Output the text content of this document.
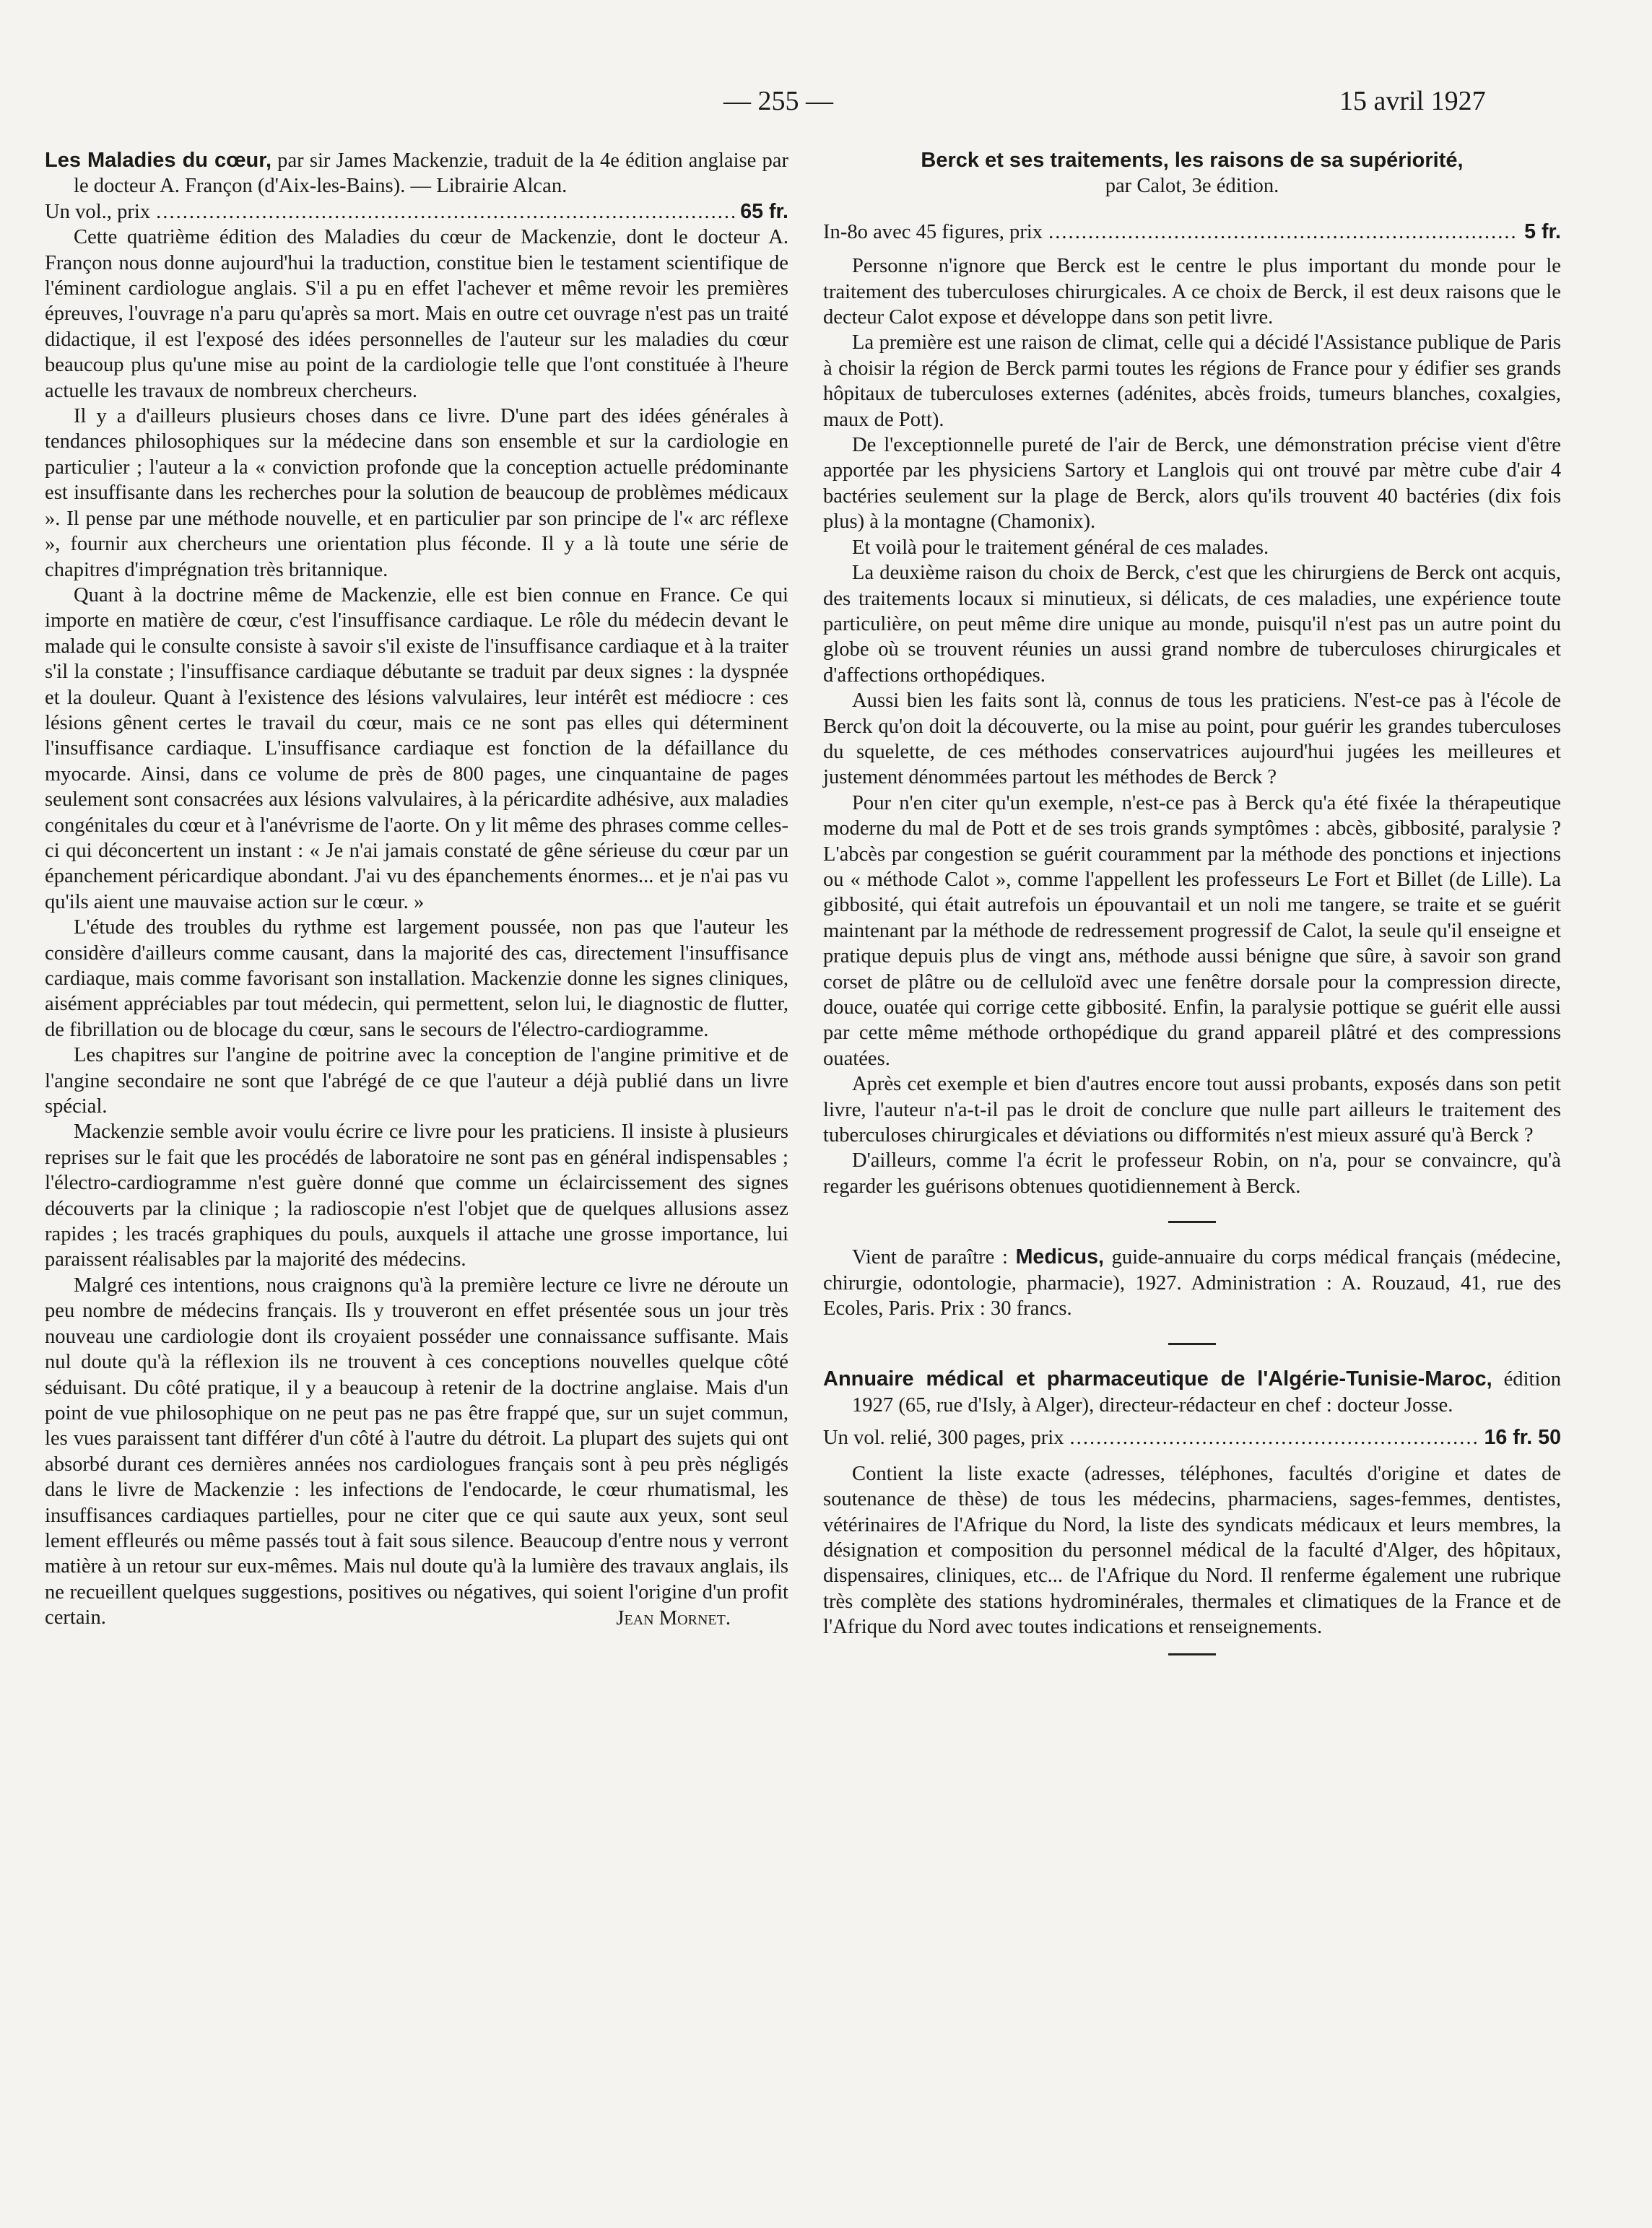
— 255 —	15 avril 1927

Les Maladies du cœur, par sir James Mackenzie, traduit de la 4e édition anglaise par le docteur A. Françon (d'Aix-les-Bains). — Librairie Alcan.

Un vol., prix .....	65 fr.

Cette quatrième édition des Maladies du cœur de Mackenzie, dont le docteur A. Françon nous donne aujourd'hui la traduction, constitue bien le testament scientifique de l'éminent cardiologue anglais. S'il a pu en effet l'achever et même revoir les premières épreuves, l'ouvrage n'a paru qu'après sa mort. Mais en outre cet ouvrage n'est pas un traité didactique, il est l'exposé des idées personnelles de l'auteur sur les maladies du cœur beaucoup plus qu'une mise au point de la cardiologie telle que l'ont constituée à l'heure actuelle les travaux de nombreux chercheurs.

Il y a d'ailleurs plusieurs choses dans ce livre. D'une part des idées générales à tendances philosophiques sur la médecine dans son ensemble et sur la cardiologie en particulier ; l'auteur a la « conviction profonde que la conception actuelle prédominante est insuffisante dans les recherches pour la solution de beaucoup de problèmes médicaux ». Il pense par une méthode nouvelle, et en particulier par son principe de l'« arc réflexe », fournir aux chercheurs une orientation plus féconde. Il y a là toute une série de chapitres d'imprégnation très britannique.

Quant à la doctrine même de Mackenzie, elle est bien connue en France. Ce qui importe en matière de cœur, c'est l'insuffisance cardiaque. Le rôle du médecin devant le malade qui le consulte consiste à savoir s'il existe de l'insuffisance cardiaque et à la traiter s'il la constate ; l'insuffisance cardiaque débutante se traduit par deux signes : la dyspnée et la douleur. Quant à l'existence des lésions valvulaires, leur intérêt est médiocre : ces lésions gênent certes le travail du cœur, mais ce ne sont pas elles qui déterminent l'insuffisance cardiaque. L'insuffisance cardiaque est fonction de la défaillance du myocarde. Ainsi, dans ce volume de près de 800 pages, une cinquantaine de pages seulement sont consacrées aux lésions valvulaires, à la péricardite adhésive, aux maladies congénitales du cœur et à l'anévrisme de l'aorte. On y lit même des phrases comme celles-ci qui déconcertent un instant : « Je n'ai jamais constaté de gêne sérieuse du cœur par un épanchement péricardique abondant. J'ai vu des épanchements énormes... et je n'ai pas vu qu'ils aient une mauvaise action sur le cœur. »

L'étude des troubles du rythme est largement poussée, non pas que l'auteur les considère d'ailleurs comme causant, dans la majorité des cas, directement l'insuffisance cardiaque, mais comme favorisant son installation. Mackenzie donne les signes cliniques, aisément appréciables par tout médecin, qui permettent, selon lui, le diagnostic de flutter, de fibrillation ou de blocage du cœur, sans le secours de l'électro-cardiogramme.

Les chapitres sur l'angine de poitrine avec la conception de l'angine primitive et de l'angine secondaire ne sont que l'abrégé de ce que l'auteur a déjà publié dans un livre spécial.

Mackenzie semble avoir voulu écrire ce livre pour les praticiens. Il insiste à plusieurs reprises sur le fait que les procédés de laboratoire ne sont pas en général indispensables ; l'électro-cardiogramme n'est guère donné que comme un éclaircissement des signes découverts par la clinique ; la radioscopie n'est l'objet que de quelques allusions assez rapides ; les tracés graphiques du pouls, auxquels il attache une grosse importance, lui paraissent réalisables par la majorité des médecins.

Malgré ces intentions, nous craignons qu'à la première lecture ce livre ne déroute un peu nombre de médecins français. Ils y trouveront en effet présentée sous un jour très nouveau une cardiologie dont ils croyaient posséder une connaissance suffisante. Mais nul doute qu'à la réflexion ils ne trouvent à ces conceptions nouvelles quelque côté séduisant. Du côté pratique, il y a beaucoup à retenir de la doctrine anglaise. Mais d'un point de vue philosophique on ne peut pas ne pas être frappé que, sur un sujet commun, les vues paraissent tant différer d'un côté à l'autre du détroit. La plupart des sujets qui ont absorbé durant ces dernières années nos cardiologues français sont à peu près négligés dans le livre de Mackenzie : les infections de l'endocarde, le cœur rhumatismal, les insuffisances cardiaques partielles, pour ne citer que ce qui saute aux yeux, sont seul lement effleurés ou même passés tout à fait sous silence. Beaucoup d'entre nous y verront matière à un retour sur eux-mêmes. Mais nul doute qu'à la lumière des travaux anglais, ils ne recueillent quelques suggestions, positives ou négatives, qui soient l'origine d'un profit certain.	Jean Mornet.

Berck et ses traitements, les raisons de sa supériorité,
par Calot, 3e édition.

In-8o avec 45 figures, prix .....	5 fr.

Personne n'ignore que Berck est le centre le plus important du monde pour le traitement des tuberculoses chirurgicales. A ce choix de Berck, il est deux raisons que le decteur Calot expose et développe dans son petit livre.

La première est une raison de climat, celle qui a décidé l'Assistance publique de Paris à choisir la région de Berck parmi toutes les régions de France pour y édifier ses grands hôpitaux de tuberculoses externes (adénites, abcès froids, tumeurs blanches, coxalgies, maux de Pott).

De l'exceptionnelle pureté de l'air de Berck, une démonstration précise vient d'être apportée par les physiciens Sartory et Langlois qui ont trouvé par mètre cube d'air 4 bactéries seulement sur la plage de Berck, alors qu'ils trouvent 40 bactéries (dix fois plus) à la montagne (Chamonix).

Et voilà pour le traitement général de ces malades.

La deuxième raison du choix de Berck, c'est que les chirurgiens de Berck ont acquis, des traitements locaux si minutieux, si délicats, de ces maladies, une expérience toute particulière, on peut même dire unique au monde, puisqu'il n'est pas un autre point du globe où se trouvent réunies un aussi grand nombre de tuberculoses chirurgicales et d'affections orthopédiques.

Aussi bien les faits sont là, connus de tous les praticiens. N'est-ce pas à l'école de Berck qu'on doit la découverte, ou la mise au point, pour guérir les grandes tuberculoses du squelette, de ces méthodes conservatrices aujourd'hui jugées les meilleures et justement dénommées partout les méthodes de Berck ?

Pour n'en citer qu'un exemple, n'est-ce pas à Berck qu'a été fixée la thérapeutique moderne du mal de Pott et de ses trois grands symptômes : abcès, gibbosité, paralysie ? L'abcès par congestion se guérit couramment par la méthode des ponctions et injections ou « méthode Calot », comme l'appellent les professeurs Le Fort et Billet (de Lille). La gibbosité, qui était autrefois un épouvantail et un noli me tangere, se traite et se guérit maintenant par la méthode de redressement progressif de Calot, la seule qu'il enseigne et pratique depuis plus de vingt ans, méthode aussi bénigne que sûre, à savoir son grand corset de plâtre ou de celluloïd avec une fenêtre dorsale pour la compression directe, douce, ouatée qui corrige cette gibbosité. Enfin, la paralysie pottique se guérit elle aussi par cette même méthode orthopédique du grand appareil plâtré et des compressions ouatées.

Après cet exemple et bien d'autres encore tout aussi probants, exposés dans son petit livre, l'auteur n'a-t-il pas le droit de conclure que nulle part ailleurs le traitement des tuberculoses chirurgicales et déviations ou difformités n'est mieux assuré qu'à Berck ?

D'ailleurs, comme l'a écrit le professeur Robin, on n'a, pour se convaincre, qu'à regarder les guérisons obtenues quotidiennement à Berck.

Vient de paraître : Medicus, guide-annuaire du corps médical français (médecine, chirurgie, odontologie, pharmacie), 1927. Administration : A. Rouzaud, 41, rue des Ecoles, Paris. Prix : 30 francs.

Annuaire médical et pharmaceutique de l'Algérie-Tunisie-Maroc, édition 1927 (65, rue d'Isly, à Alger), directeur-rédacteur en chef : docteur Josse.

Un vol. relié, 300 pages, prix .....	16 fr. 50

Contient la liste exacte (adresses, téléphones, facultés d'origine et dates de soutenance de thèse) de tous les médecins, pharmaciens, sages-femmes, dentistes, vétérinaires de l'Afrique du Nord, la liste des syndicats médicaux et leurs membres, la désignation et composition du personnel médical de la faculté d'Alger, des hôpitaux, dispensaires, cliniques, etc... de l'Afrique du Nord. Il renferme également une rubrique très complète des stations hydrominérales, thermales et climatiques de la France et de l'Afrique du Nord avec toutes indications et renseignements.
